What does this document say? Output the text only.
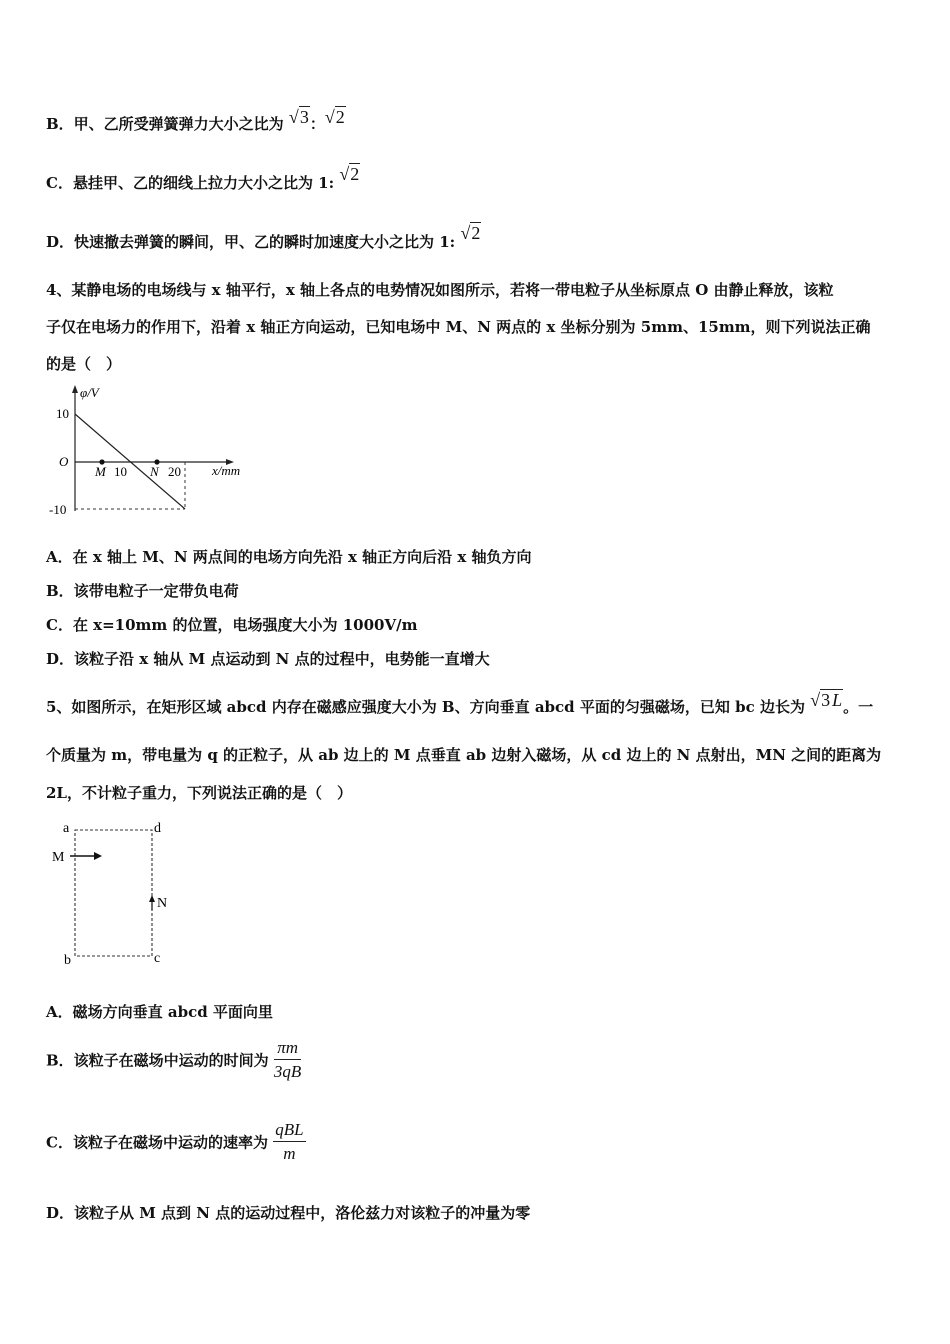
B．甲、乙所受弹簧弹力大小之比为 √3：√2
C．悬挂甲、乙的细线上拉力大小之比为 1: √2
D．快速撤去弹簧的瞬间，甲、乙的瞬时加速度大小之比为 1: √2
4、某静电场的电场线与 x 轴平行，x 轴上各点的电势情况如图所示，若将一带电粒子从坐标原点 O 由静止释放，该粒
子仅在电场力的作用下，沿着 x 轴正方向运动，已知电场中 M、N 两点的 x 坐标分别为 5mm、15mm，则下列说法正确
的是（　）
φ/V
10
O
-10
M 10 N 20 x/mm
A．在 x 轴上 M、N 两点间的电场方向先沿 x 轴正方向后沿 x 轴负方向
B．该带电粒子一定带负电荷
C．在 x=10mm 的位置，电场强度大小为 1000V/m
D．该粒子沿 x 轴从 M 点运动到 N 点的过程中，电势能一直增大
5、如图所示，在矩形区域 abcd 内存在磁感应强度大小为 B、方向垂直 abcd 平面的匀强磁场，已知 bc 边长为 √3 L。一
个质量为 m，带电量为 q 的正粒子，从 ab 边上的 M 点垂直 ab 边射入磁场，从 cd 边上的 N 点射出，MN 之间的距离为
2L，不计粒子重力，下列说法正确的是（　）
a	d
M
N
b	c
A．磁场方向垂直 abcd 平面向里
B．该粒子在磁场中运动的时间为 $\frac{\pi m}{3qB}$
C．该粒子在磁场中运动的速率为 $\frac{\text{qBL}}{m}$
D．该粒子从 M 点到 N 点的运动过程中，洛伦兹力对该粒子的冲量为零
